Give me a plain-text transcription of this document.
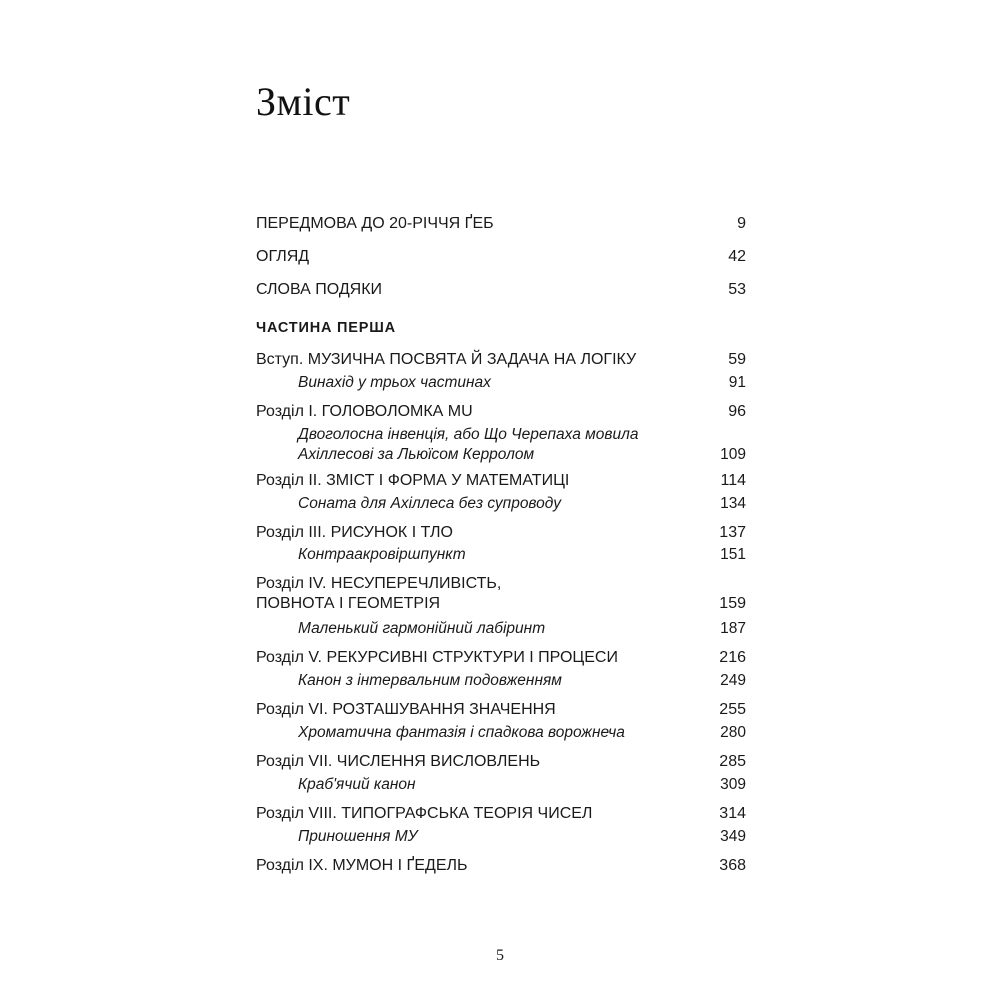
Зміст
ПЕРЕДМОВА ДО 20-РІЧЧЯ ҐЕБ	9
ОГЛЯД	42
СЛОВА ПОДЯКИ	53
ЧАСТИНА ПЕРША
Вступ. МУЗИЧНА ПОСВЯТА Й ЗАДАЧА НА ЛОГІКУ	59
Винахід у трьох частинах	91
Розділ І. ГОЛОВОЛОМКА MU	96
Двоголосна інвенція, або Що Черепаха мовила Ахіллесові за Льюїсом Керролом	109
Розділ ІІ. ЗМІСТ І ФОРМА У МАТЕМАТИЦІ	114
Соната для Ахіллеса без супроводу	134
Розділ ІІІ. РИСУНОК І ТЛО	137
Контраакровіршпункт	151
Розділ ІV. НЕСУПЕРЕЧЛИВІСТЬ, ПОВНОТА І ГЕОМЕТРІЯ	159
Маленький гармонійний лабіринт	187
Розділ V. РЕКУРСИВНІ СТРУКТУРИ І ПРОЦЕСИ	216
Канон з інтервальним подовженням	249
Розділ VІ. РОЗТАШУВАННЯ ЗНАЧЕННЯ	255
Хроматична фантазія і спадкова ворожнеча	280
Розділ VІІ. ЧИСЛЕННЯ ВИСЛОВЛЕНЬ	285
Краб'ячий канон	309
Розділ VІІІ. ТИПОГРАФСЬКА ТЕОРІЯ ЧИСЕЛ	314
Приношення МУ	349
Розділ ІХ. МУМОН І ҐЕДЕЛЬ	368
5
